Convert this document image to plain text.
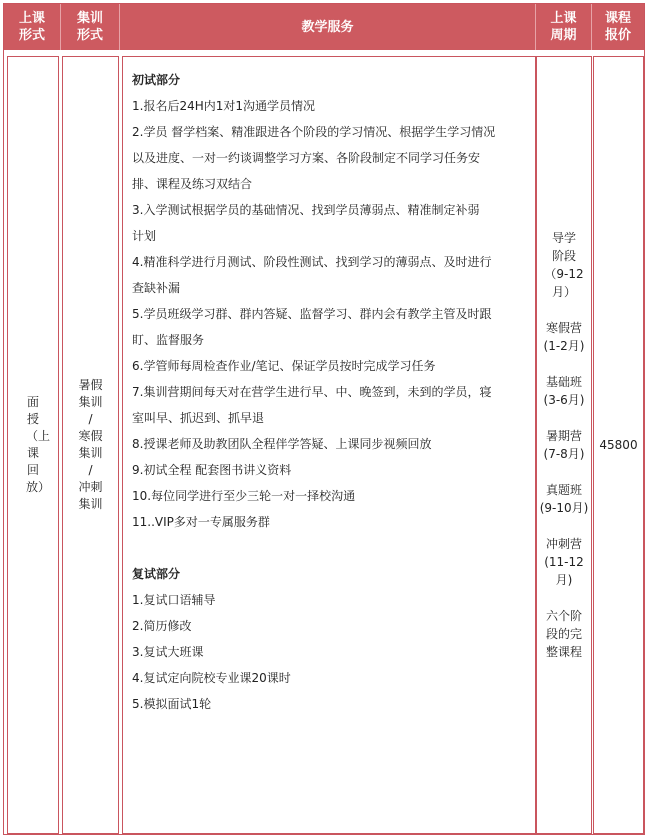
上课
形式
集训
形式
教学服务
上课
周期
课程
报价
面授（上课回放）
暑假
集训
/
寒假
集训
/
冲刺
集训
初试部分
1.报名后24H内1对1沟通学员情况
2.学员 督学档案、精准跟进各个阶段的学习情况、根据学生学习情况
以及进度、一对一约谈调整学习方案、各阶段制定不同学习任务安
排、课程及练习双结合
3.入学测试根据学员的基础情况、找到学员薄弱点、精准制定补弱
计划
4.精准科学进行月测试、阶段性测试、找到学习的薄弱点、及时进行
查缺补漏
5.学员班级学习群、群内答疑、监督学习、群内会有教学主管及时跟
盯、监督服务
6.学管师每周检查作业/笔记、保证学员按时完成学习任务
7.集训营期间每天对在营学生进行早、中、晚签到，未到的学员，寝
室叫早、抓迟到、抓早退
8.授课老师及助教团队全程伴学答疑、上课同步视频回放
9.初试全程 配套图书讲义资料
10.每位同学进行至少三轮一对一择校沟通
11..VIP多对一专属服务群
复试部分
1.复试口语辅导
2.简历修改
3.复试大班课
4.复试定向院校专业课20课时
5.模拟面试1轮
导学
阶段
（9-12月）
寒假营
(1-2月)
基础班
(3-6月)
暑期营
(7-8月)
真题班
(9-10月)
冲刺营
(11-12月)
六个阶
段的完
整课程
45800
